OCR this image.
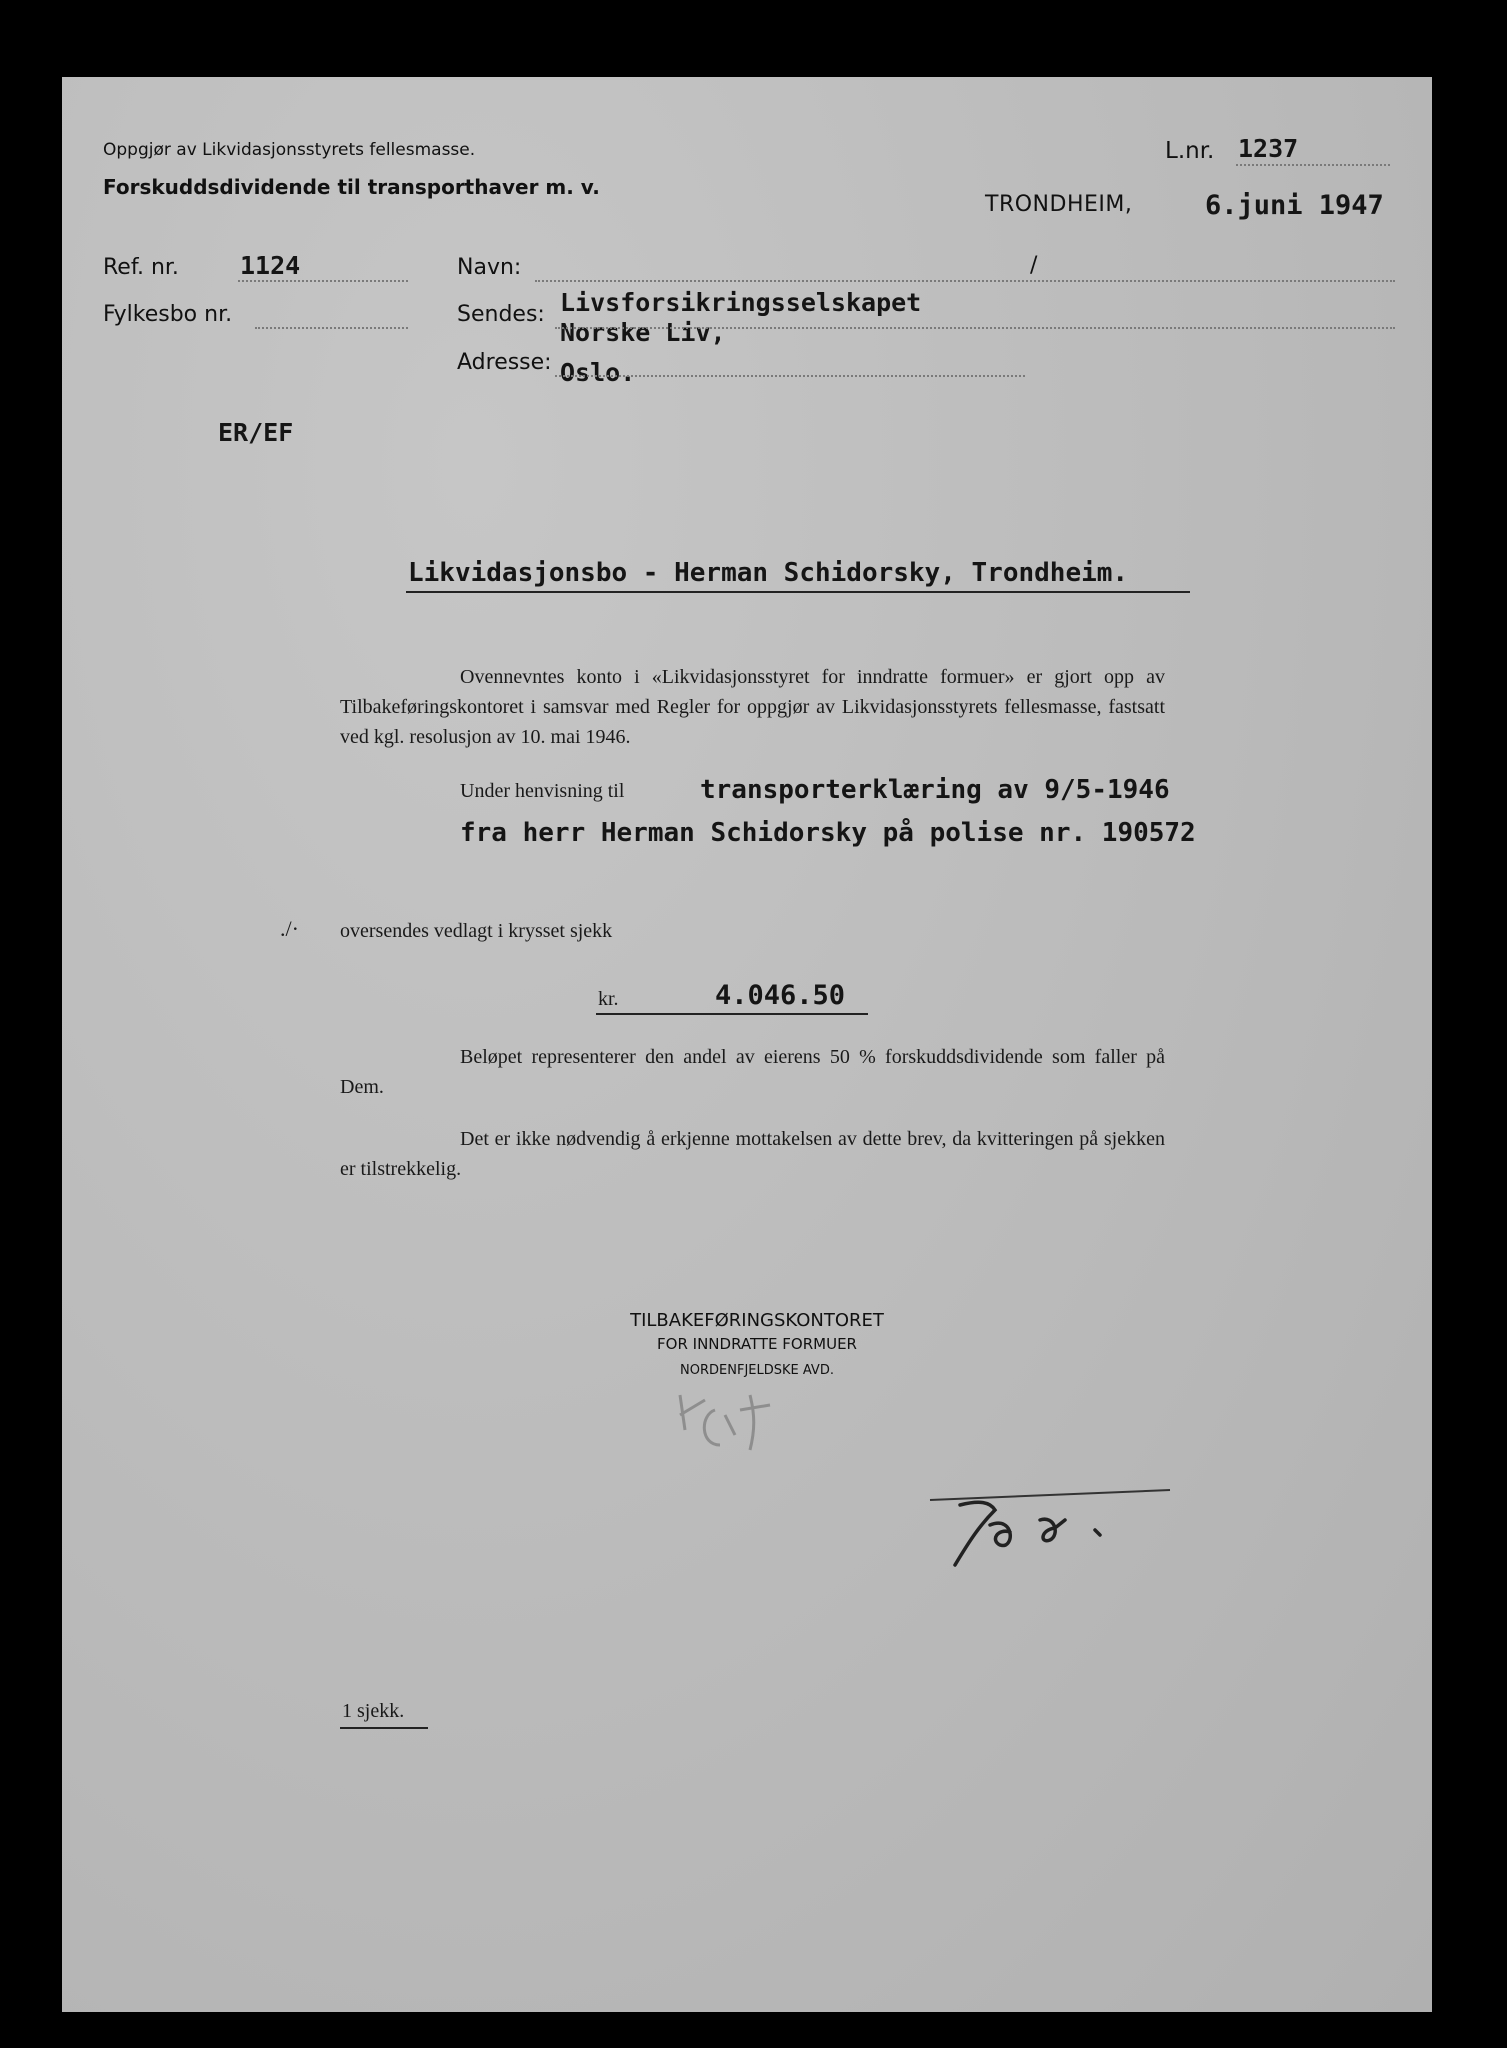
Oppgjør av Likvidasjonsstyrets fellesmasse.
Forskuddsdividende til transporthaver m. v.
L.nr. 1237
TRONDHEIM,	6.juni 1947
Ref. nr. 1124
Fylkesbo nr.
Navn:	/
Sendes: Livsforsikringsselskapet
Norske Liv,
Adresse: Oslo.
ER/EF
Likvidasjonsbo - Herman Schidorsky, Trondheim.
Ovennevntes konto i «Likvidasjonsstyret for inndratte formuer» er gjort opp av Tilbakeføringskontoret i samsvar med Regler for oppgjør av Likvidasjonsstyrets fellesmasse, fastsatt ved kgl. resolusjon av 10. mai 1946.
Under henvisning til	transporterklæring av 9/5-1946
fra herr Herman Schidorsky på polise nr. 190572
./· oversendes vedlagt i krysset sjekk
kr.	4.046.50
Beløpet representerer den andel av eierens 50 % forskuddsdividende som faller på Dem.
Det er ikke nødvendig å erkjenne mottakelsen av dette brev, da kvitteringen på sjekken er tilstrekkelig.
TILBAKEFØRINGSKONTORET
FOR INNDRATTE FORMUER
NORDENFJELDSKE AVD.
1 sjekk.
